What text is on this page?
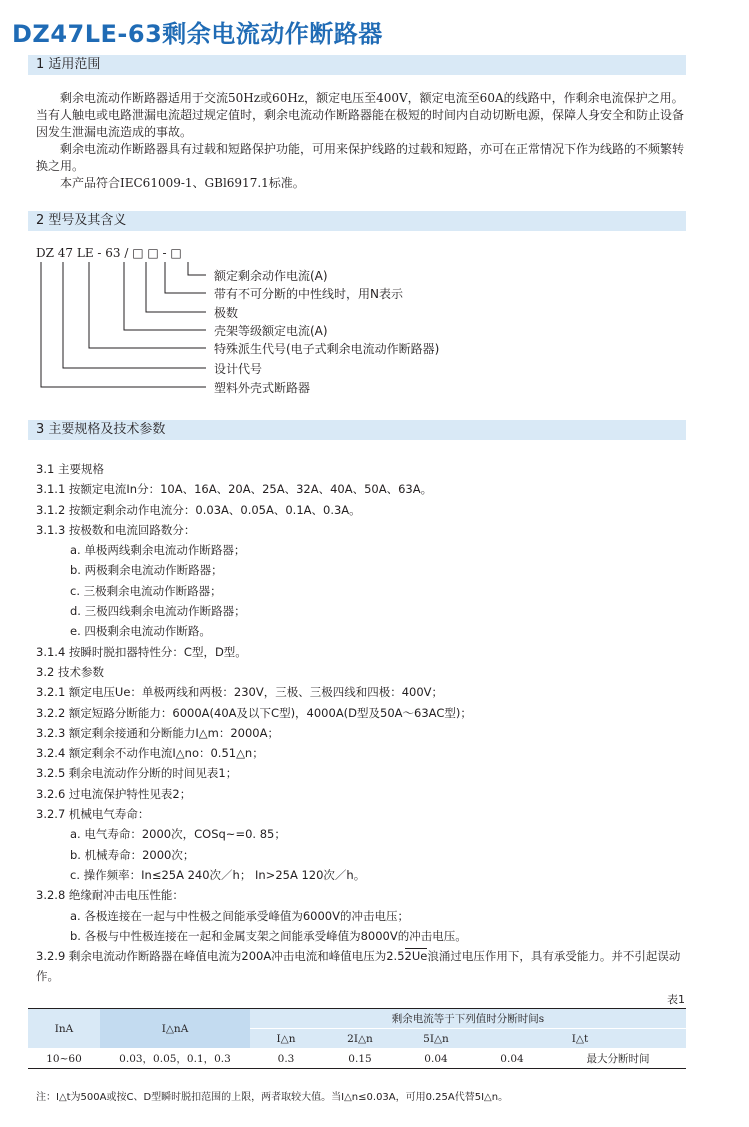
DZ47LE-63剩余电流动作断路器
1 适用范围

剩余电流动作断路器适用于交流50Hz或60Hz，额定电压至400V，额定电流至60A的线路中，作剩余电流保护之用。当有人触电或电路泄漏电流超过规定值时，剩余电流动作断路器能在极短的时间内自动切断电源，保障人身安全和防止设备因发生泄漏电流造成的事故。

剩余电流动作断路器具有过载和短路保护功能，可用来保护线路的过载和短路，亦可在正常情况下作为线路的不频繁转换之用。

本产品符合IEC61009-1、GBl6917.1标准。

2 型号及其含义
DZ 47 LE - 63 / □ □ - □
额定剩余动作电流(A)
带有不可分断的中性线时，用N表示
极数
壳架等级额定电流(A)
特殊派生代号(电子式剩余电流动作断路器)
设计代号
塑料外壳式断路器
3 主要规格及技术参数
3.1 主要规格
3.1.1 按额定电流In分：10A、16A、20A、25A、32A、40A、50A、63A。
3.1.2 按额定剩余动作电流分：0.03A、0.05A、0.1A、0.3A。
3.1.3 按极数和电流回路数分：
a. 单极两线剩余电流动作断路器；
b. 两极剩余电流动作断路器；
c. 三极剩余电流动作断路器；
d. 三极四线剩余电流动作断路器；
e. 四极剩余电流动作断路。
3.1.4 按瞬时脱扣器特性分：C型，D型。
3.2 技术参数
3.2.1 额定电压Ue：单极两线和两极：230V，三极、三极四线和四极：400V；
3.2.2 额定短路分断能力：6000A(40A及以下C型)，4000A(D型及50A～63AC型)；
3.2.3 额定剩余接通和分断能力I△m：2000A；
3.2.4 额定剩余不动作电流I△no：0.51△n；
3.2.5 剩余电流动作分断的时间见表1；
3.2.6 过电流保护特性见表2；
3.2.7 机械电气寿命：
a. 电气寿命：2000次，COSq~=0. 85；
b. 机械寿命：2000次；
c. 操作频率：In≤25A 240次／h； In>25A 120次／h。
3.2.8 绝缘耐冲击电压性能：
a. 各极连接在一起与中性极之间能承受峰值为6000V的冲击电压；
b. 各极与中性极连接在一起和金属支架之间能承受峰值为8000V的冲击电压。
3.2.9 剩余电流动作断路器在峰值电流为200A冲击电流和峰值电压为2.52Ue浪涌过电压作用下，具有承受能力。并不引起误动作。
表1
InA	I△nA	剩余电流等于下列值时分断时间s				
		I△n	2I△n	5I△n	I△t	
10~60	0.03，0.05，0.1，0.3	0.3	0.15	0.04	0.04	最大分断时间
注：I△t为500A或按C、D型瞬时脱扣范围的上限，两者取较大值。当I△n≤0.03A，可用0.25A代替5I△n。
